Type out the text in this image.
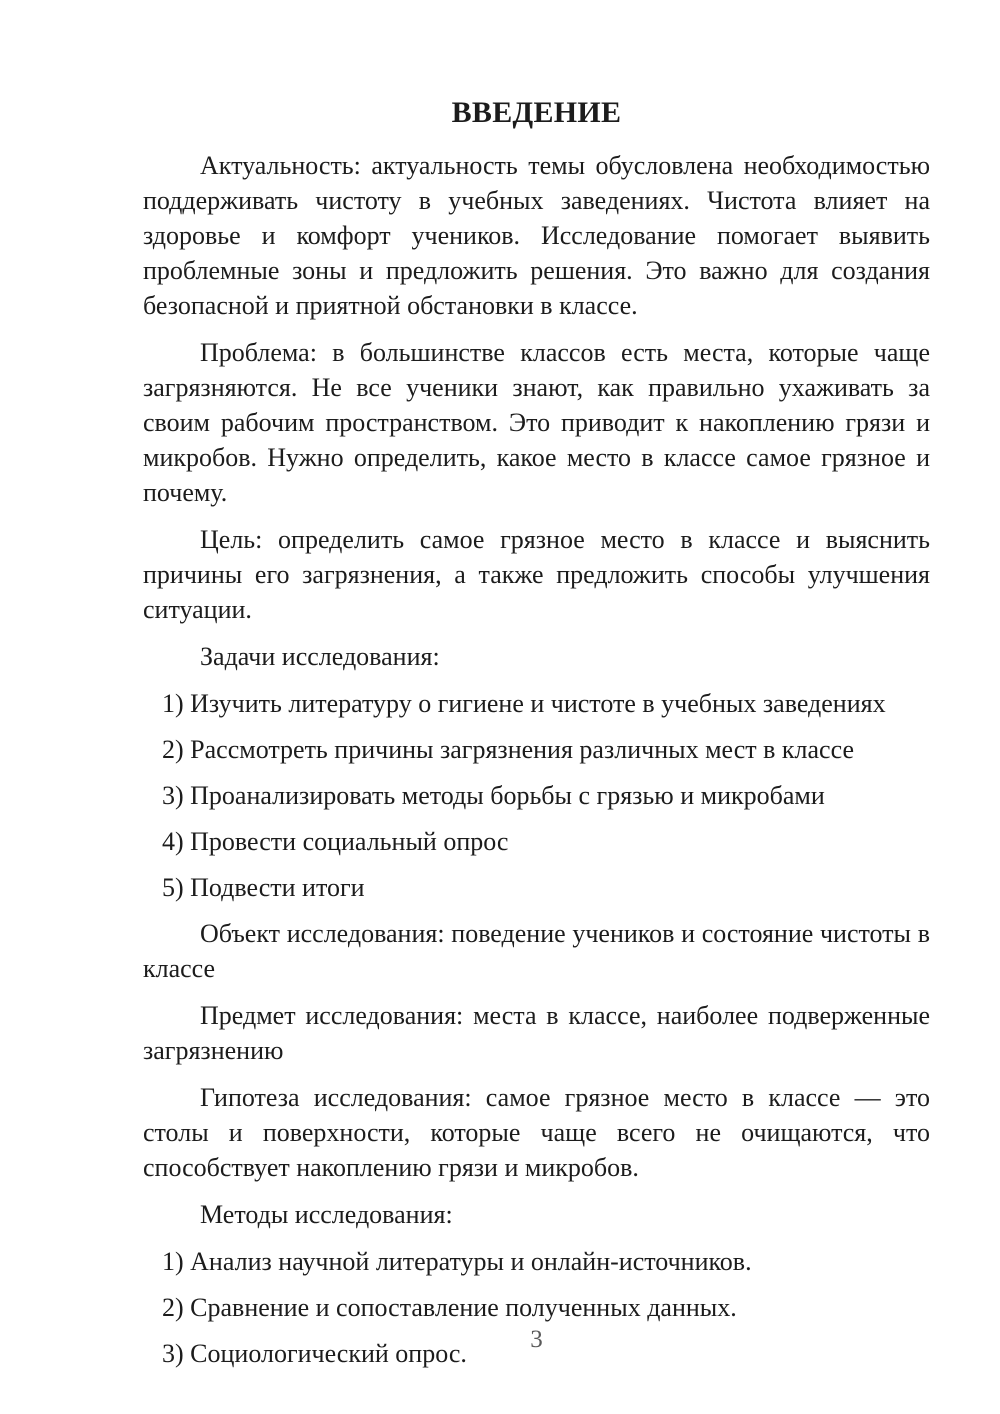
ВВЕДЕНИЕ

Актуальность: актуальность темы обусловлена необходимостью поддерживать чистоту в учебных заведениях. Чистота влияет на здоровье и комфорт учеников. Исследование помогает выявить проблемные зоны и предложить решения. Это важно для создания безопасной и приятной обстановки в классе.

Проблема: в большинстве классов есть места, которые чаще загрязняются. Не все ученики знают, как правильно ухаживать за своим рабочим пространством. Это приводит к накоплению грязи и микробов. Нужно определить, какое место в классе самое грязное и почему.

Цель: определить самое грязное место в классе и выяснить причины его загрязнения, а также предложить способы улучшения ситуации.

Задачи исследования:

1) Изучить литературу о гигиене и чистоте в учебных заведениях

2) Рассмотреть причины загрязнения различных мест в классе

3) Проанализировать методы борьбы с грязью и микробами

4) Провести социальный опрос

5) Подвести итоги

Объект исследования: поведение учеников и состояние чистоты в классе

Предмет исследования: места в классе, наиболее подверженные загрязнению

Гипотеза исследования: самое грязное место в классе — это столы и поверхности, которые чаще всего не очищаются, что способствует накоплению грязи и микробов.

Методы исследования:

1) Анализ научной литературы и онлайн-источников.

2) Сравнение и сопоставление полученных данных.

3) Социологический опрос.	3
